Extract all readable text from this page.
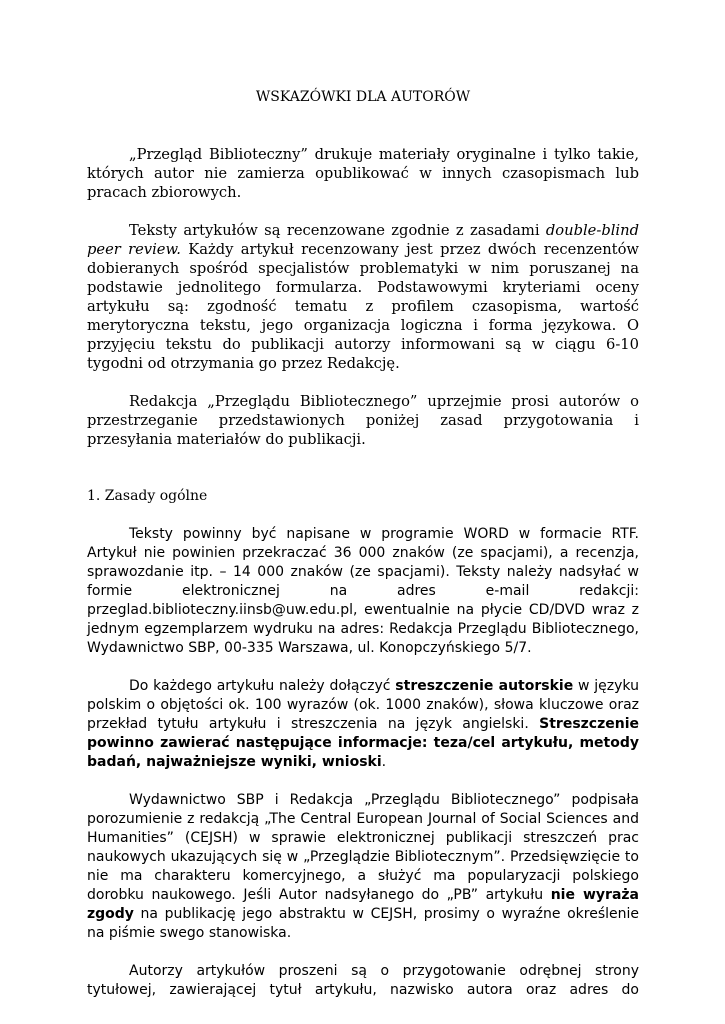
WSKAZÓWKI DLA AUTORÓW

„Przegląd Biblioteczny” drukuje materiały oryginalne i tylko takie, których autor nie zamierza opublikować w innych czasopismach lub pracach zbiorowych.

Teksty artykułów są recenzowane zgodnie z zasadami double-blind peer review. Każdy artykuł recenzowany jest przez dwóch recenzentów dobieranych spośród specjalistów problematyki w nim poruszanej na podstawie jednolitego formularza. Podstawowymi kryteriami oceny artykułu są: zgodność tematu z profilem czasopisma, wartość merytoryczna tekstu, jego organizacja logiczna i forma językowa. O przyjęciu tekstu do publikacji autorzy informowani są w ciągu 6-10 tygodni od otrzymania go przez Redakcję.

Redakcja „Przeglądu Bibliotecznego” uprzejmie prosi autorów o przestrzeganie przedstawionych poniżej zasad przygotowania i przesyłania materiałów do publikacji.

1. Zasady ogólne

Teksty powinny być napisane w programie WORD w formacie RTF. Artykuł nie powinien przekraczać 36 000 znaków (ze spacjami), a recenzja, sprawozdanie itp. – 14 000 znaków (ze spacjami). Teksty należy nadsyłać w formie elektronicznej na adres e-mail redakcji: przeglad.biblioteczny.iinsb@uw.edu.pl, ewentualnie na płycie CD/DVD wraz z jednym egzemplarzem wydruku na adres: Redakcja Przeglądu Bibliotecznego, Wydawnictwo SBP, 00-335 Warszawa, ul. Konopczyńskiego 5/7.

Do każdego artykułu należy dołączyć streszczenie autorskie w języku polskim o objętości ok. 100 wyrazów (ok. 1000 znaków), słowa kluczowe oraz przekład tytułu artykułu i streszczenia na język angielski. Streszczenie powinno zawierać następujące informacje: teza/cel artykułu, metody badań, najważniejsze wyniki, wnioski.

Wydawnictwo SBP i Redakcja „Przeglądu Bibliotecznego” podpisała porozumienie z redakcją „The Central European Journal of Social Sciences and Humanities” (CEJSH) w sprawie elektronicznej publikacji streszczeń prac naukowych ukazujących się w „Przeglądzie Bibliotecznym”. Przedsięwzięcie to nie ma charakteru komercyjnego, a służyć ma popularyzacji polskiego dorobku naukowego. Jeśli Autor nadsyłanego do „PB” artykułu nie wyraża zgody na publikację jego abstraktu w CEJSH, prosimy o wyraźne określenie na piśmie swego stanowiska.

Autorzy artykułów proszeni są o przygotowanie odrębnej strony tytułowej, zawierającej tytuł artykułu, nazwisko autora oraz adres do
